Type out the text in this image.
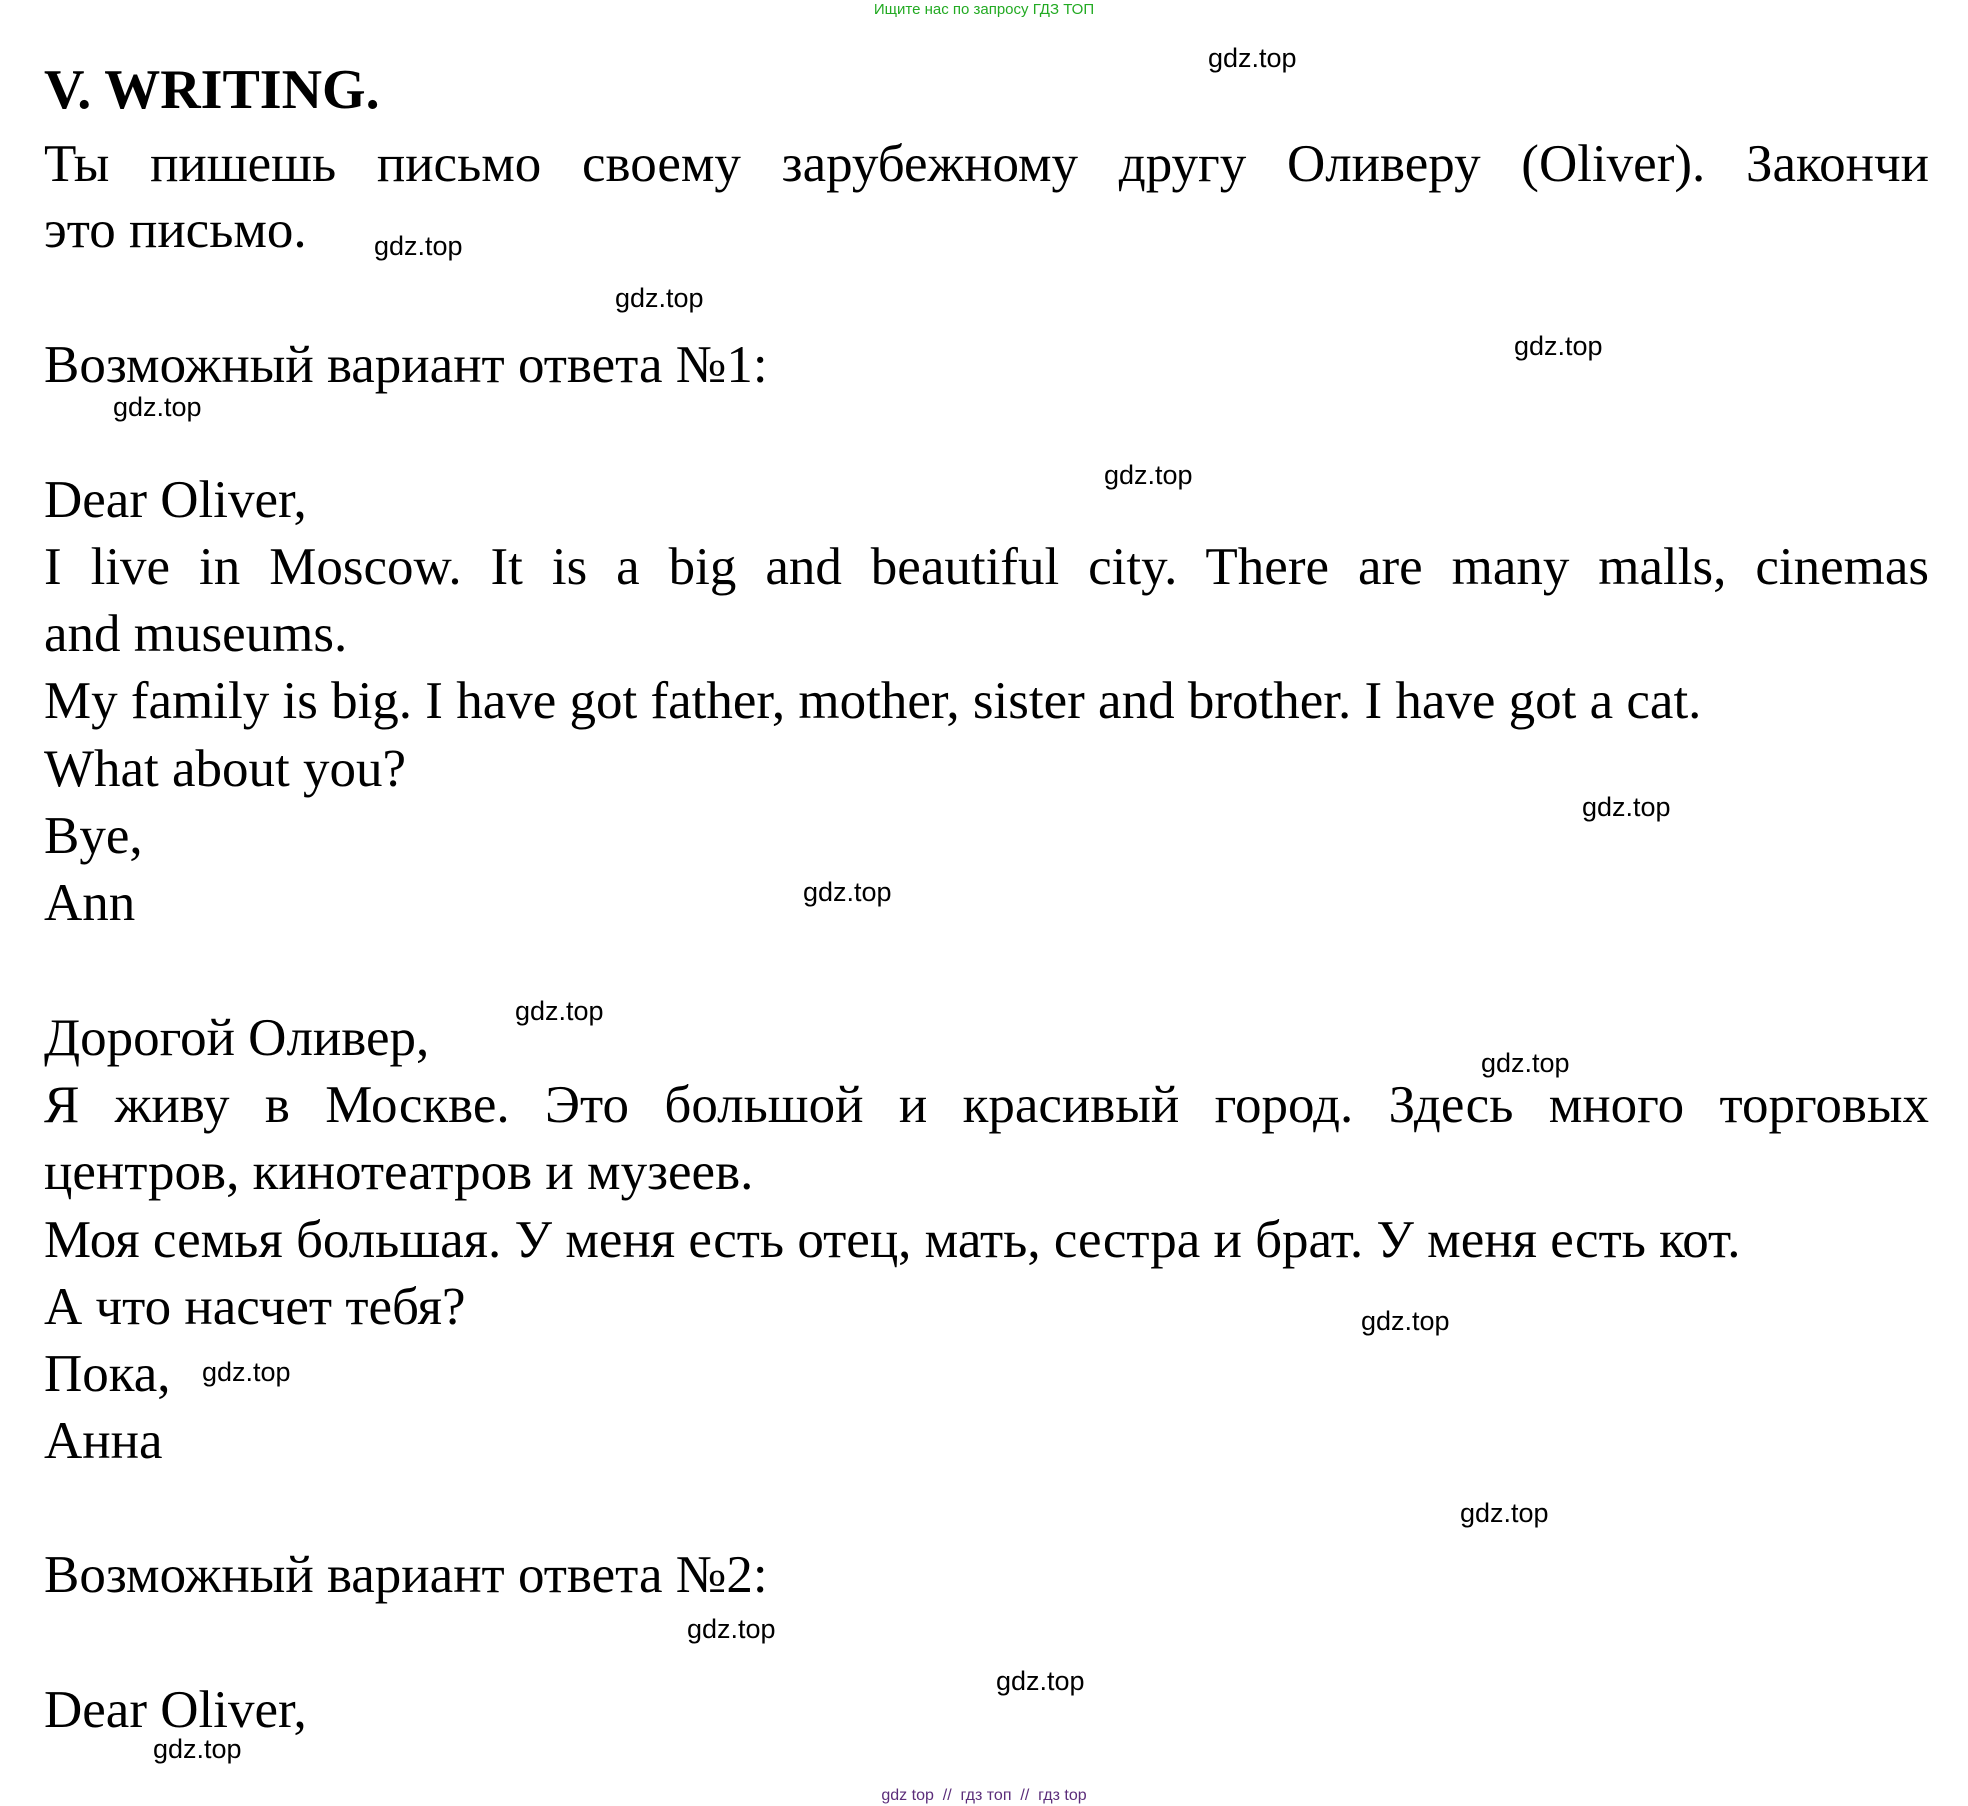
Ищите нас по запросу ГДЗ ТОП
V. WRITING.
Ты пишешь письмо своему зарубежному другу Оливеру (Oliver). Закончи
это письмо.
Возможный вариант ответа №1:
Dear Oliver,
I live in Moscow. It is a big and beautiful city. There are many malls, cinemas
and museums.
My family is big. I have got father, mother, sister and brother. I have got a cat.
What about you?
Bye,
Ann
Дорогой Оливер,
Я живу в Москве. Это большой и красивый город. Здесь много торговых
центров, кинотеатров и музеев.
Моя семья большая. У меня есть отец, мать, сестра и брат. У меня есть кот.
А что насчет тебя?
Пока,
Анна
Возможный вариант ответа №2:
Dear Oliver,
gdz.top
gdz.top
gdz.top
gdz.top
gdz.top
gdz.top
gdz.top
gdz.top
gdz.top
gdz.top
gdz.top
gdz.top
gdz.top
gdz.top
gdz.top
gdz.top
gdz top  //  гдз топ  //  гдз top
